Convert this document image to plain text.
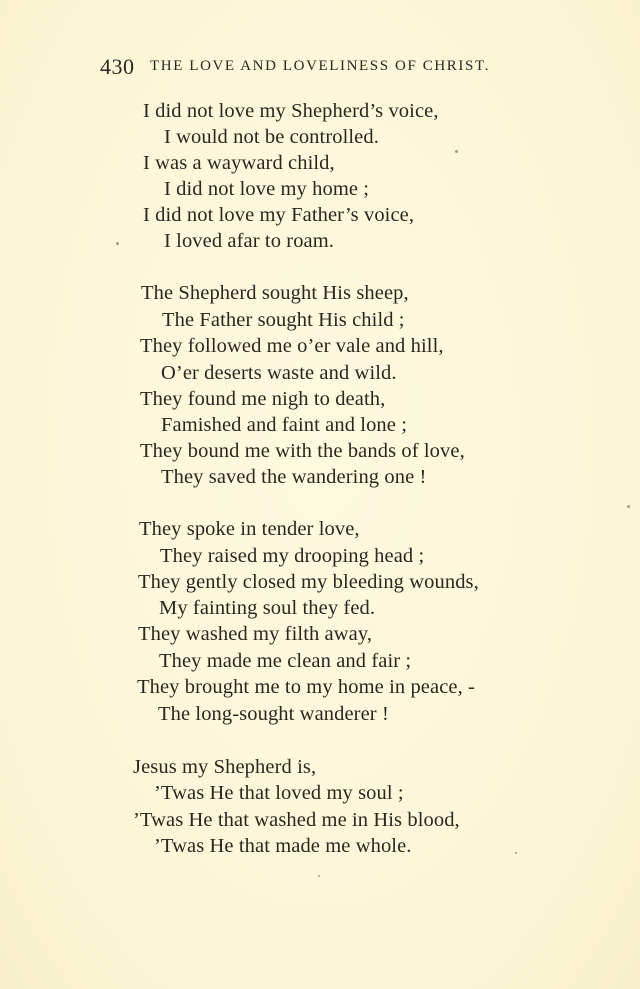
430 THE LOVE AND LOVELINESS OF CHRIST.
I did not love my Shepherd’s voice,
I would not be controlled.
I was a wayward child,
I did not love my home ;
I did not love my Father’s voice,
I loved afar to roam.
The Shepherd sought His sheep,
The Father sought His child ;
They followed me o’er vale and hill,
O’er deserts waste and wild.
They found me nigh to death,
Famished and faint and lone ;
They bound me with the bands of love,
They saved the wandering one !
They spoke in tender love,
They raised my drooping head ;
They gently closed my bleeding wounds,
My fainting soul they fed.
They washed my filth away,
They made me clean and fair ;
They brought me to my home in peace, -
The long-sought wanderer !
Jesus my Shepherd is,
’Twas He that loved my soul ;
’Twas He that washed me in His blood,
’Twas He that made me whole.
